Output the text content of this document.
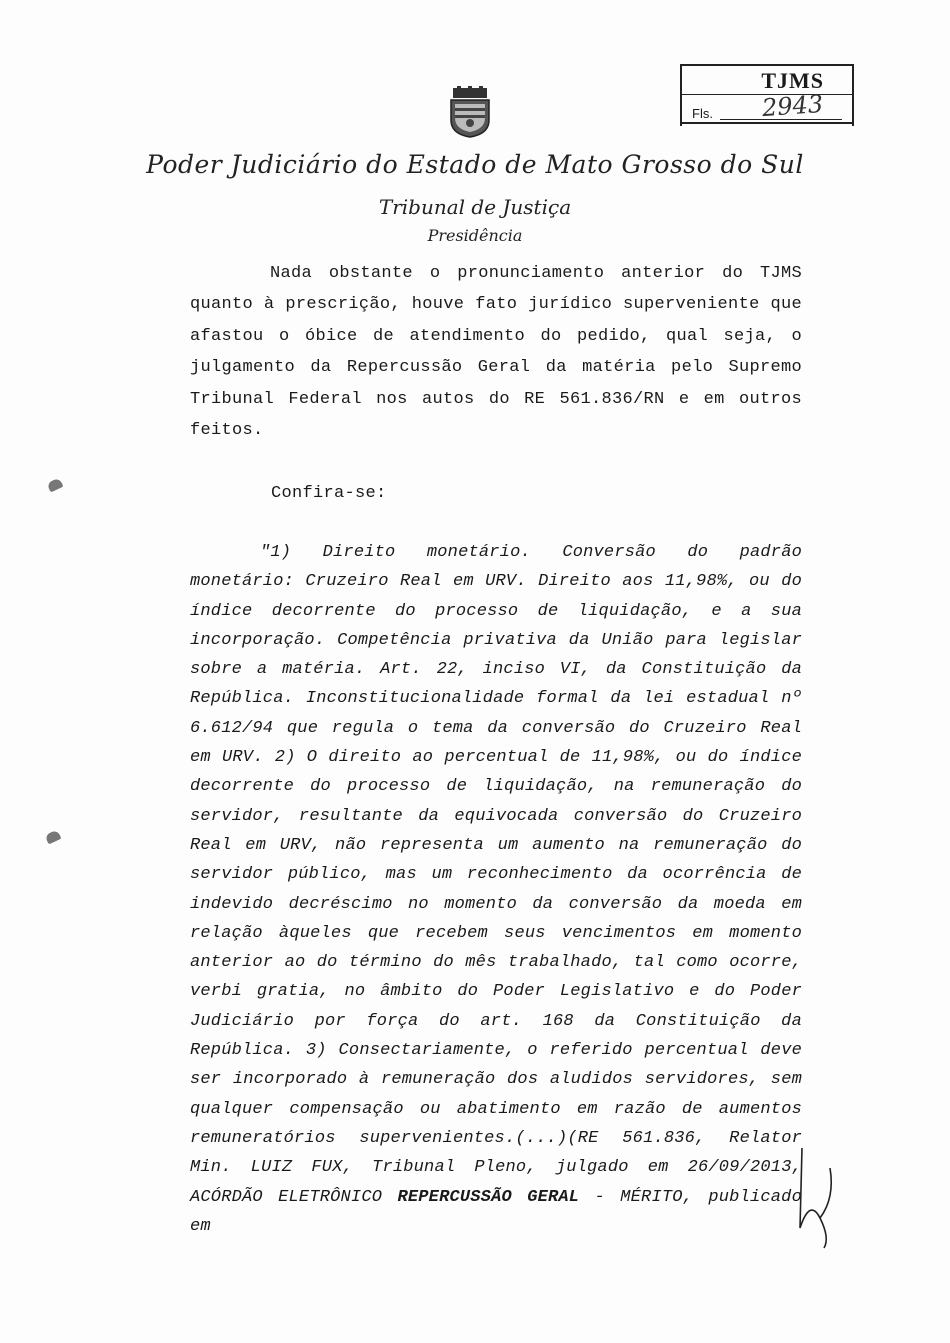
TJMS
Fls. 2943
Poder Judiciário do Estado de Mato Grosso do Sul
Tribunal de Justiça
Presidência
Nada obstante o pronunciamento anterior do TJMS quanto à prescrição, houve fato jurídico superveniente que afastou o óbice de atendimento do pedido, qual seja, o julgamento da Repercussão Geral da matéria pelo Supremo Tribunal Federal nos autos do RE 561.836/RN e em outros feitos.
Confira-se:
"1) Direito monetário. Conversão do padrão monetário: Cruzeiro Real em URV. Direito aos 11,98%, ou do índice decorrente do processo de liquidação, e a sua incorporação. Competência privativa da União para legislar sobre a matéria. Art. 22, inciso VI, da Constituição da República. Inconstitucionalidade formal da lei estadual nº 6.612/94 que regula o tema da conversão do Cruzeiro Real em URV. 2) O direito ao percentual de 11,98%, ou do índice decorrente do processo de liquidação, na remuneração do servidor, resultante da equivocada conversão do Cruzeiro Real em URV, não representa um aumento na remuneração do servidor público, mas um reconhecimento da ocorrência de indevido decréscimo no momento da conversão da moeda em relação àqueles que recebem seus vencimentos em momento anterior ao do término do mês trabalhado, tal como ocorre, verbi gratia, no âmbito do Poder Legislativo e do Poder Judiciário por força do art. 168 da Constituição da República. 3) Consectariamente, o referido percentual deve ser incorporado à remuneração dos aludidos servidores, sem qualquer compensação ou abatimento em razão de aumentos remuneratórios supervenientes.(...)(RE 561.836, Relator Min. LUIZ FUX, Tribunal Pleno, julgado em 26/09/2013, ACÓRDÃO ELETRÔNICO REPERCUSSÃO GERAL - MÉRITO, publicado em
